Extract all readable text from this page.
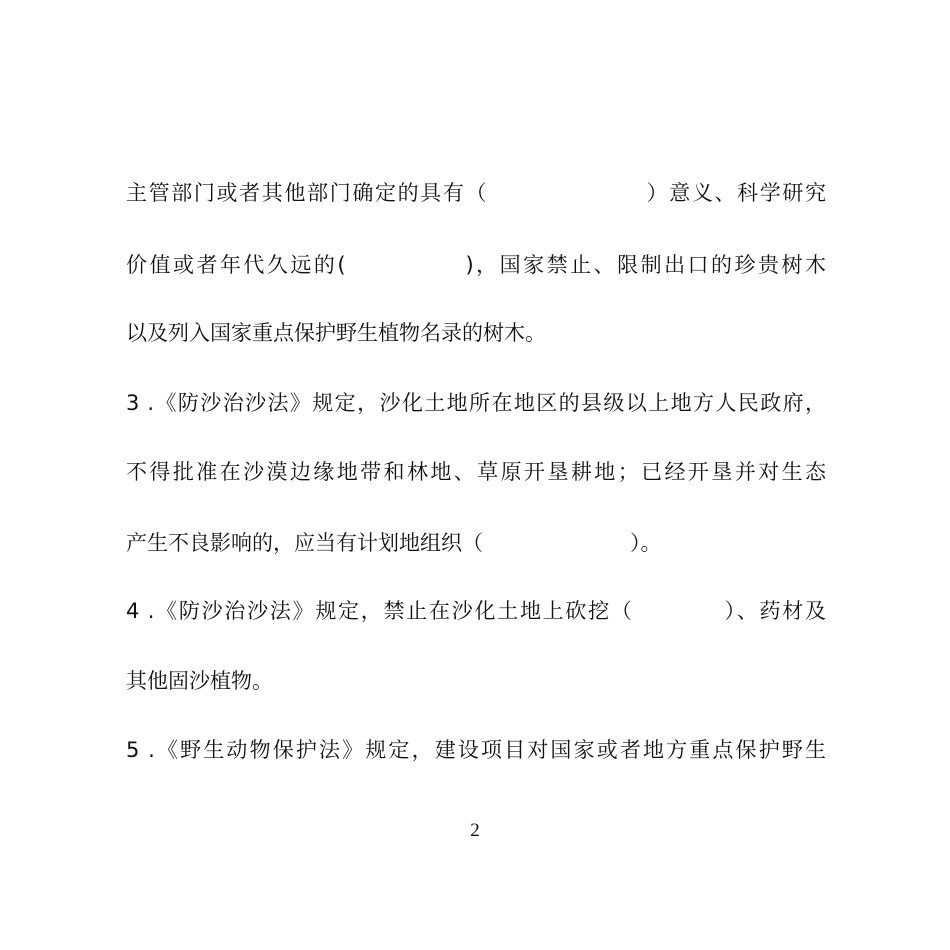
主管部门或者其他部门确定的具有（　　　　　　　）意义、科学研究
价值或者年代久远的(　　　　　)，国家禁止、限制出口的珍贵树木
以及列入国家重点保护野生植物名录的树木。
3 .《防沙治沙法》规定，沙化土地所在地区的县级以上地方人民政府，
不得批准在沙漠边缘地带和林地、草原开垦耕地；已经开垦并对生态
产生不良影响的，应当有计划地组织（　　　　　　　）。
4 .《防沙治沙法》规定，禁止在沙化土地上砍挖（　　　　）、药材及
其他固沙植物。
5 .《野生动物保护法》规定，建设项目对国家或者地方重点保护野生
2
